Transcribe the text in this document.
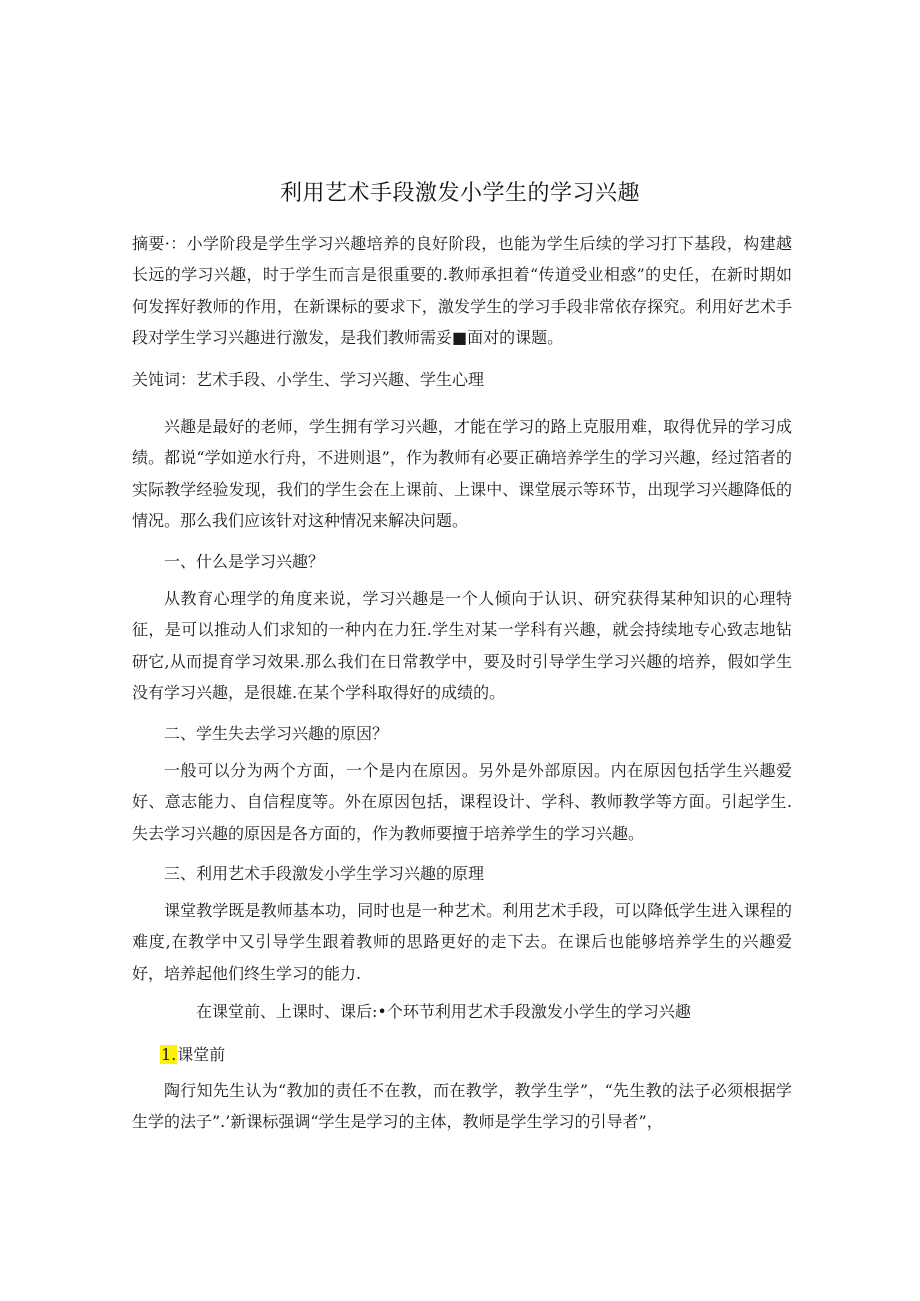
利用艺术手段激发小学生的学习兴趣

摘要·：小学阶段是学生学习兴趣培养的良好阶段，也能为学生后续的学习打下基段，构建越长远的学习兴趣，时于学生而言是很重要的.教师承担着“传道受业相惑”的史任，在新时期如何发挥好教师的作用，在新课标的要求下，激发学生的学习手段非常依存探究。利用好艺术手段对学生学习兴趣进行激发，是我们教师需妥■面对的课题。

关饨词：艺术手段、小学生、学习兴趣、学生心理

兴趣是最好的老师，学生拥有学习兴趣，才能在学习的路上克服用难，取得优异的学习成绩。都说“学如逆水行舟，不进则退”，作为教师有必要正确培养学生的学习兴趣，经过箔者的实际教学经验发现，我们的学生会在上课前、上课中、课堂展示等环节，出现学习兴趣降低的情况。那么我们应该针对这种情况来解决问题。

一、什么是学习兴趣？

从教育心理学的角度来说，学习兴趣是一个人倾向于认识、研究获得某种知识的心理特征，是可以推动人们求知的一种内在力狂.学生对某一学科有兴趣，就会持续地专心致志地钻研它,从而提育学习效果.那么我们在日常教学中，要及时引导学生学习兴趣的培养，假如学生没有学习兴趣，是很雄.在某个学科取得好的成绩的。

二、学生失去学习兴趣的原因？

一般可以分为两个方面，一个是内在原因。另外是外部原因。内在原因包括学生兴趣爱好、意志能力、自信程度等。外在原因包括，课程设计、学科、教师教学等方面。引起学生.失去学习兴趣的原因是各方面的，作为教师要擅于培养学生的学习兴趣。

三、利用艺术手段激发小学生学习兴趣的原理

课堂教学既是教师基本功，同时也是一种艺术。利用艺术手段，可以降低学生进入课程的难度,在教学中又引导学生跟着教师的思路更好的走下去。在课后也能够培养学生的兴趣爱好，培养起他们终生学习的能力.

在课堂前、上课时、课后:•个环节利用艺术手段激发小学生的学习兴趣

1.课堂前

陶行知先生认为“教加的责任不在教，而在教学，教学生学”，“先生教的法子必须根据学生学的法子”.’新课标强调“学生是学习的主体，教师是学生学习的引导者”，
